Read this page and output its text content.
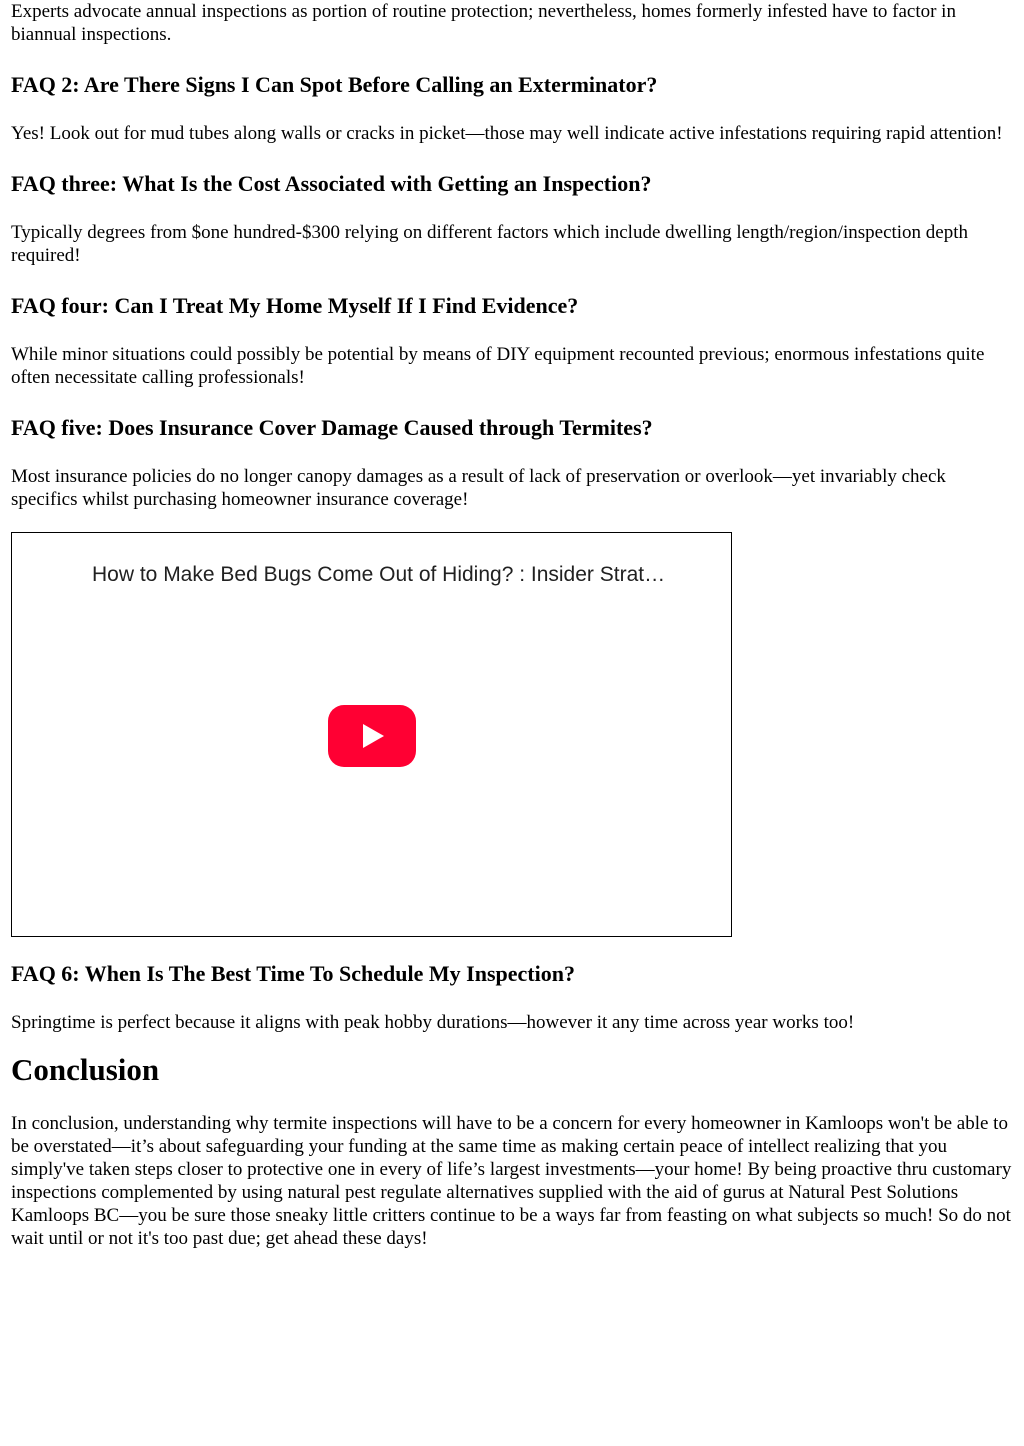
Experts advocate annual inspections as portion of routine protection; nevertheless, homes formerly infested have to factor in biannual inspections.

FAQ 2: Are There Signs I Can Spot Before Calling an Exterminator?

Yes! Look out for mud tubes along walls or cracks in picket—those may well indicate active infestations requiring rapid attention!

FAQ three: What Is the Cost Associated with Getting an Inspection?

Typically degrees from $one hundred-$300 relying on different factors which include dwelling length/region/inspection depth required!

FAQ four: Can I Treat My Home Myself If I Find Evidence?

While minor situations could possibly be potential by means of DIY equipment recounted previous; enormous infestations quite often necessitate calling professionals!

FAQ five: Does Insurance Cover Damage Caused through Termites?

Most insurance policies do no longer canopy damages as a result of lack of preservation or overlook—yet invariably check specifics whilst purchasing homeowner insurance coverage!

How to Make Bed Bugs Come Out of Hiding? : Insider Strat…
FAQ 6: When Is The Best Time To Schedule My Inspection?

Springtime is perfect because it aligns with peak hobby durations—however it any time across year works too!

Conclusion

In conclusion, understanding why termite inspections will have to be a concern for every homeowner in Kamloops won't be able to be overstated—it’s about safeguarding your funding at the same time as making certain peace of intellect realizing that you simply've taken steps closer to protective one in every of life’s largest investments—your home! By being proactive thru customary inspections complemented by using natural pest regulate alternatives supplied with the aid of gurus at Natural Pest Solutions Kamloops BC—you be sure those sneaky little critters continue to be a ways far from feasting on what subjects so much! So do not wait until or not it's too past due; get ahead these days!
